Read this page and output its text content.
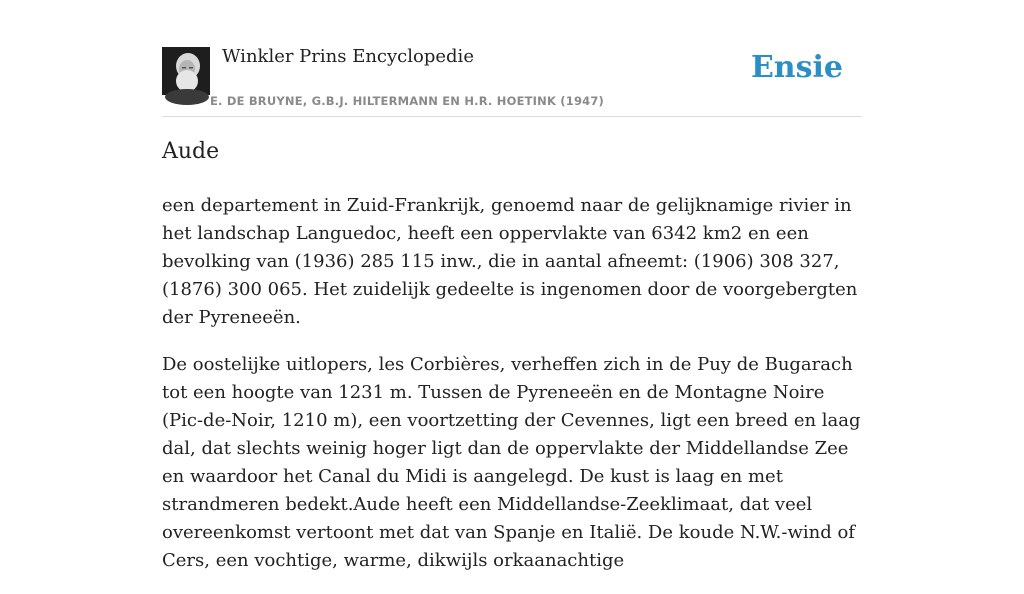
Winkler Prins Encyclopedie
E. DE BRUYNE, G.B.J. HILTERMANN EN H.R. HOETINK (1947)
Ensie
Aude

een departement in Zuid-Frankrijk, genoemd naar de gelijknamige rivier in het landschap Languedoc, heeft een oppervlakte van 6342 km2 en een bevolking van (1936) 285 115 inw., die in aantal afneemt: (1906) 308 327, (1876) 300 065. Het zuidelijk gedeelte is ingenomen door de voorgebergten der Pyreneeën.

De oostelijke uitlopers, les Corbières, verheffen zich in de Puy de Bugarach tot een hoogte van 1231 m. Tussen de Pyreneeën en de Montagne Noire (Pic-de-Noir, 1210 m), een voortzetting der Cevennes, ligt een breed en laag dal, dat slechts weinig hoger ligt dan de oppervlakte der Middellandse Zee en waardoor het Canal du Midi is aangelegd. De kust is laag en met strandmeren bedekt.Aude heeft een Middellandse-Zeeklimaat, dat veel overeenkomst vertoont met dat van Spanje en Italië. De koude N.W.-wind of Cers, een vochtige, warme, dikwijls orkaanachtige
